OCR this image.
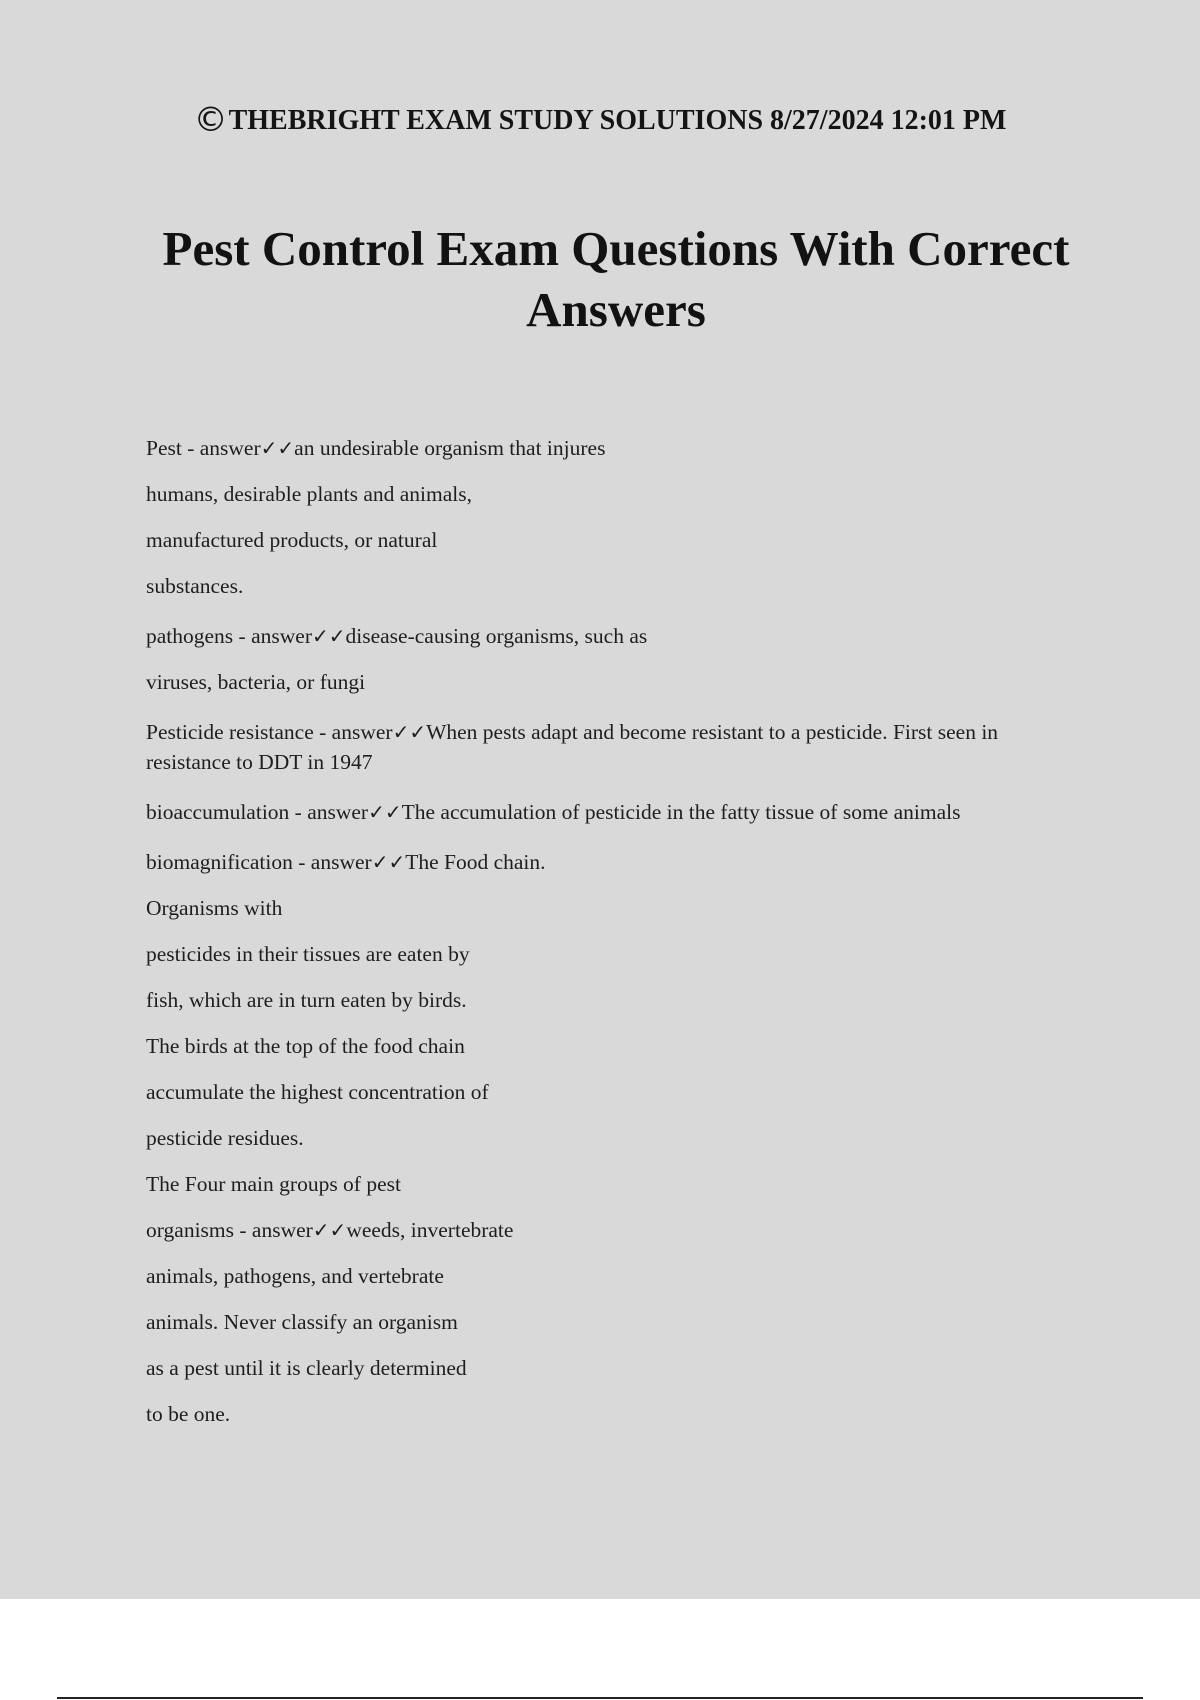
©THEBRIGHT EXAM STUDY SOLUTIONS 8/27/2024 12:01 PM
Pest Control Exam Questions With Correct
Answers

Pest - answer✓✓an undesirable organism that injures
humans, desirable plants and animals,
manufactured products, or natural
substances.

pathogens - answer✓✓disease-causing organisms, such as
viruses, bacteria, or fungi

Pesticide resistance - answer✓✓When pests adapt and become resistant to a pesticide. First seen in resistance to DDT in 1947

bioaccumulation - answer✓✓The accumulation of pesticide in the fatty tissue of some animals

biomagnification - answer✓✓The Food chain.
Organisms with
pesticides in their tissues are eaten by
fish, which are in turn eaten by birds.
The birds at the top of the food chain
accumulate the highest concentration of
pesticide residues.
The Four main groups of pest
organisms - answer✓✓weeds, invertebrate
animals, pathogens, and vertebrate
animals. Never classify an organism
as a pest until it is clearly determined
to be one.
